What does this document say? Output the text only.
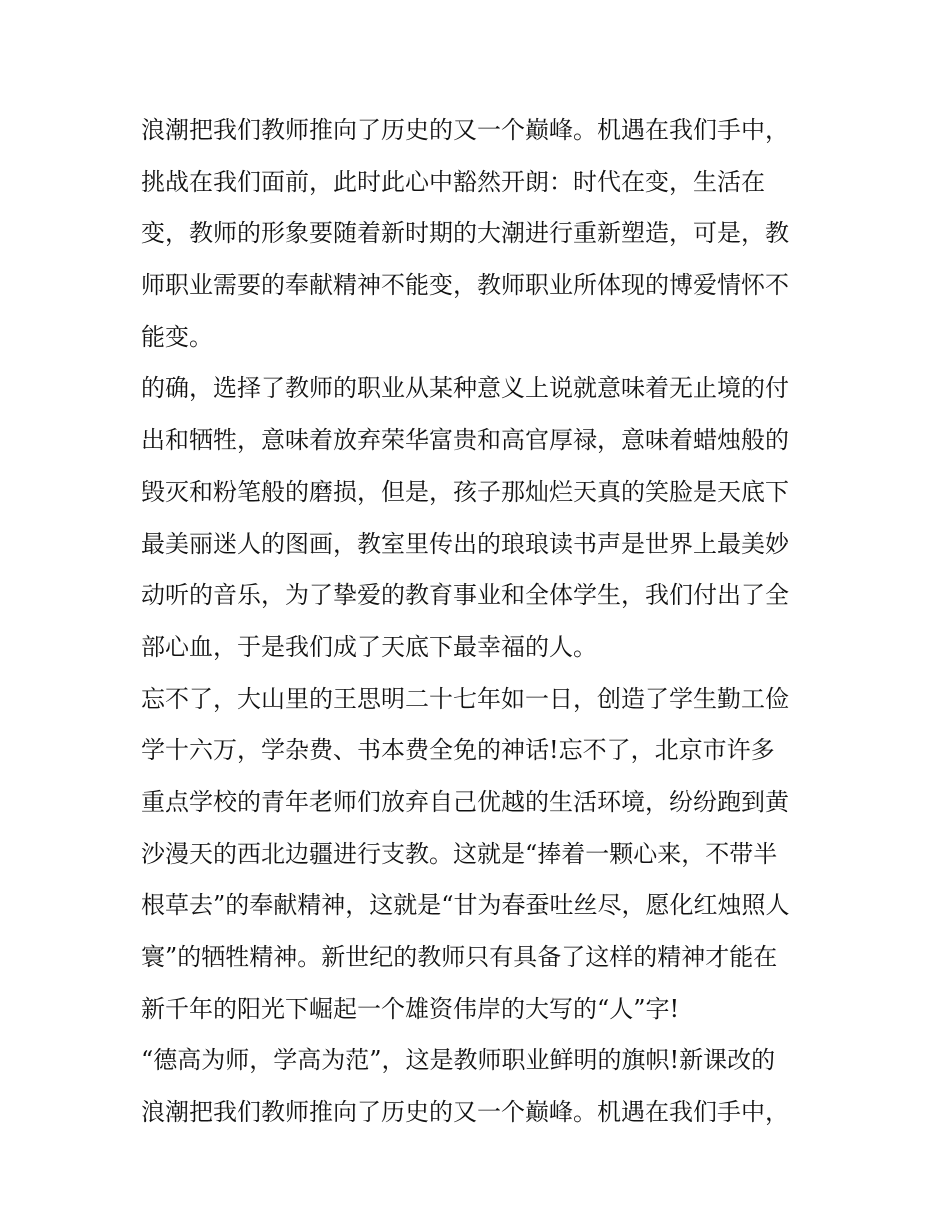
浪潮把我们教师推向了历史的又一个巅峰。机遇在我们手中，
挑战在我们面前，此时此心中豁然开朗：时代在变，生活在
变，教师的形象要随着新时期的大潮进行重新塑造，可是，教
师职业需要的奉献精神不能变，教师职业所体现的博爱情怀不
能变。
的确，选择了教师的职业从某种意义上说就意味着无止境的付
出和牺牲，意味着放弃荣华富贵和高官厚禄，意味着蜡烛般的
毁灭和粉笔般的磨损，但是，孩子那灿烂天真的笑脸是天底下
最美丽迷人的图画，教室里传出的琅琅读书声是世界上最美妙
动听的音乐，为了挚爱的教育事业和全体学生，我们付出了全
部心血，于是我们成了天底下最幸福的人。
忘不了，大山里的王思明二十七年如一日，创造了学生勤工俭
学十六万，学杂费、书本费全免的神话!忘不了，北京市许多
重点学校的青年老师们放弃自己优越的生活环境，纷纷跑到黄
沙漫天的西北边疆进行支教。这就是“捧着一颗心来，不带半
根草去”的奉献精神，这就是“甘为春蚕吐丝尽，愿化红烛照人
寰”的牺牲精神。新世纪的教师只有具备了这样的精神才能在
新千年的阳光下崛起一个雄资伟岸的大写的“人”字!
“德高为师，学高为范”，这是教师职业鲜明的旗帜!新课改的
浪潮把我们教师推向了历史的又一个巅峰。机遇在我们手中，
